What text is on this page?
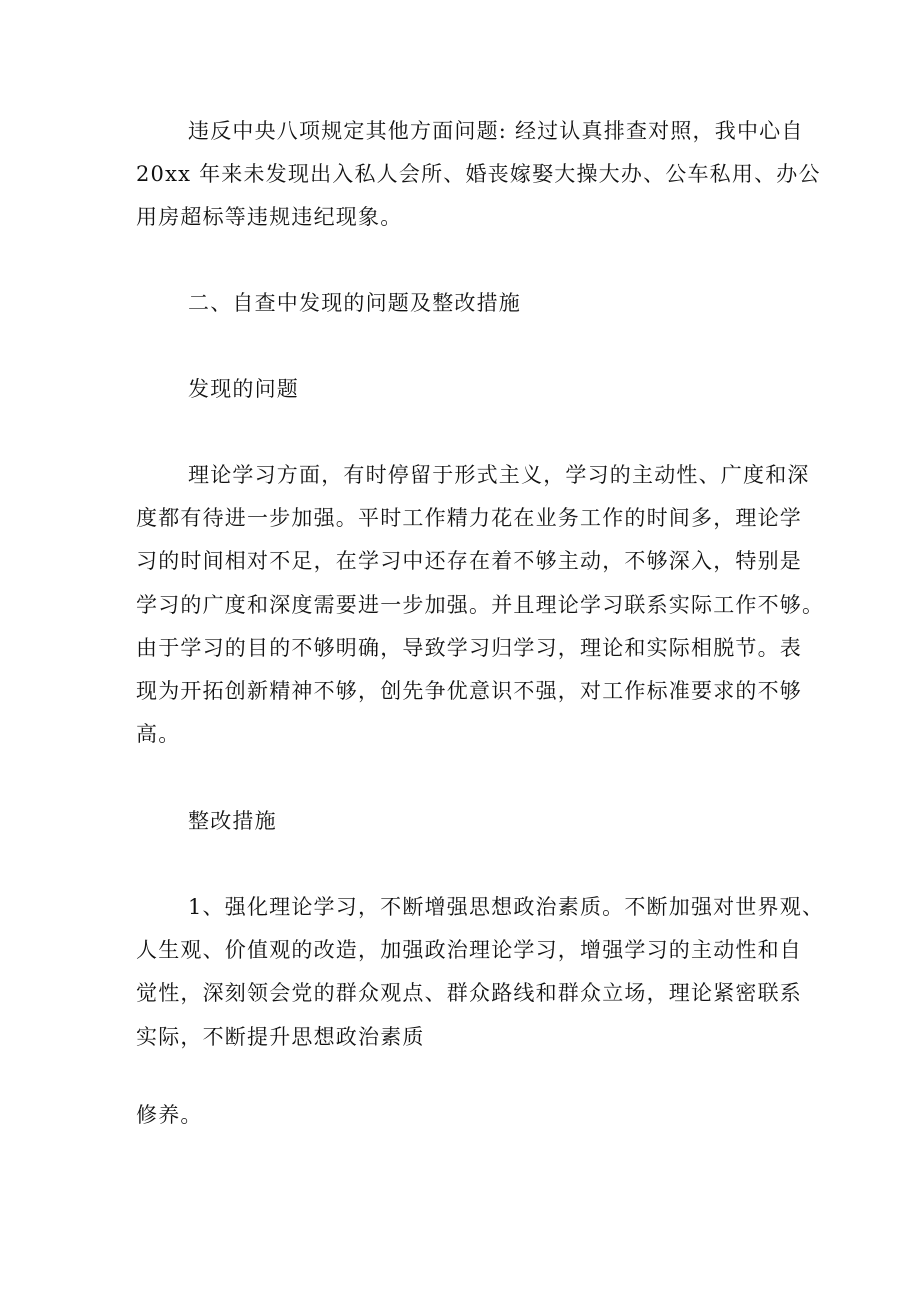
违反中央八项规定其他方面问题: 经过认真排查对照，我中心自
20xx 年来未发现出入私人会所、婚丧嫁娶大操大办、公车私用、办公
用房超标等违规违纪现象。

二、自查中发现的问题及整改措施

发现的问题

理论学习方面，有时停留于形式主义，学习的主动性、广度和深
度都有待进一步加强。平时工作精力花在业务工作的时间多，理论学
习的时间相对不足，在学习中还存在着不够主动，不够深入，特别是
学习的广度和深度需要进一步加强。并且理论学习联系实际工作不够。
由于学习的目的不够明确，导致学习归学习，理论和实际相脱节。表
现为开拓创新精神不够，创先争优意识不强，对工作标准要求的不够
高。

整改措施

1、强化理论学习，不断增强思想政治素质。不断加强对世界观、
人生观、价值观的改造，加强政治理论学习，增强学习的主动性和自
觉性，深刻领会党的群众观点、群众路线和群众立场，理论紧密联系
实际，不断提升思想政治素质

修养。
